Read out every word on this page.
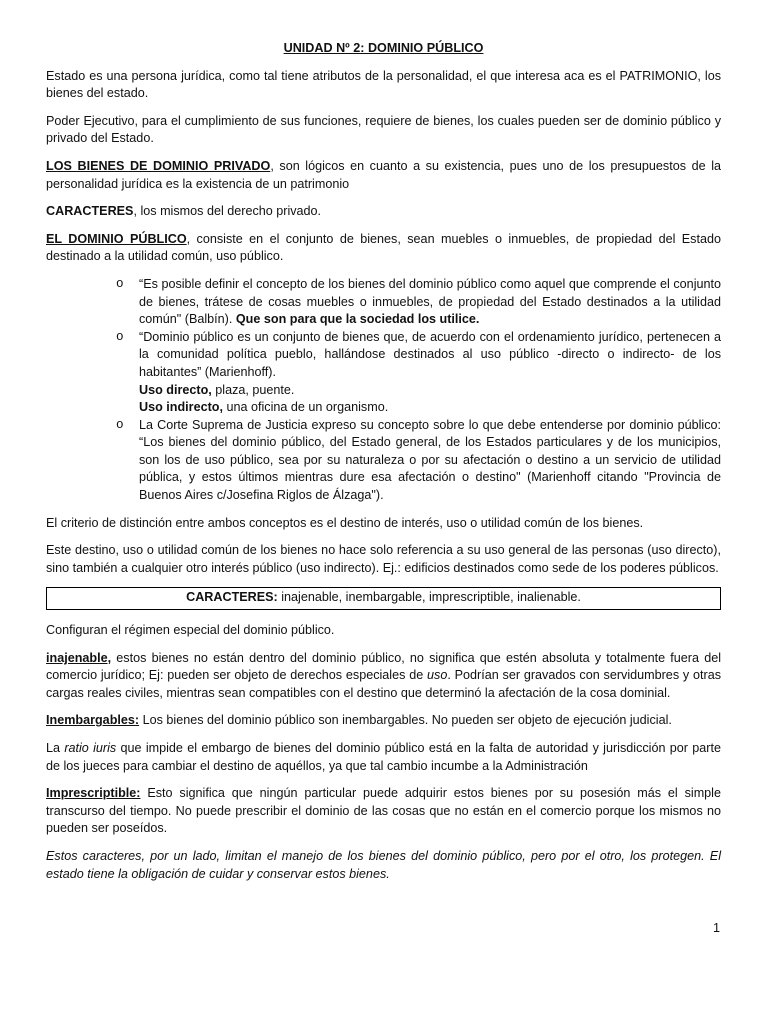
UNIDAD Nº 2: DOMINIO PÚBLICO

Estado es una persona jurídica, como tal tiene atributos de la personalidad, el que interesa aca es el PATRIMONIO, los bienes del estado.

Poder Ejecutivo, para el cumplimiento de sus funciones, requiere de bienes, los cuales pueden ser de dominio público y privado del Estado.

LOS BIENES DE DOMINIO PRIVADO, son lógicos en cuanto a su existencia, pues uno de los presupuestos de la personalidad jurídica es la existencia de un patrimonio

CARACTERES, los mismos del derecho privado.

EL DOMINIO PÚBLICO, consiste en el conjunto de bienes, sean muebles o inmuebles, de propiedad del Estado destinado a la utilidad común, uso público.

o “Es posible definir el concepto de los bienes del dominio público como aquel que comprende el conjunto de bienes, trátese de cosas muebles o inmuebles, de propiedad del Estado destinados a la utilidad común" (Balbín). Que son para que la sociedad los utilice.
o “Dominio público es un conjunto de bienes que, de acuerdo con el ordenamiento jurídico, pertenecen a la comunidad política pueblo, hallándose destinados al uso público -directo o indirecto- de los habitantes” (Marienhoff).
Uso directo, plaza, puente.
Uso indirecto, una oficina de un organismo.
o La Corte Suprema de Justicia expreso su concepto sobre lo que debe entenderse por dominio público: “Los bienes del dominio público, del Estado general, de los Estados particulares y de los municipios, son los de uso público, sea por su naturaleza o por su afectación o destino a un servicio de utilidad pública, y estos últimos mientras dure esa afectación o destino" (Marienhoff citando "Provincia de Buenos Aires c/Josefina Riglos de Álzaga").

El criterio de distinción entre ambos conceptos es el destino de interés, uso o utilidad común de los bienes.

Este destino, uso o utilidad común de los bienes no hace solo referencia a su uso general de las personas (uso directo), sino también a cualquier otro interés público (uso indirecto). Ej.: edificios destinados como sede de los poderes públicos.

CARACTERES: inajenable, inembargable, imprescriptible, inalienable.

Configuran el régimen especial del dominio público.

inajenable, estos bienes no están dentro del dominio público, no significa que estén absoluta y totalmente fuera del comercio jurídico; Ej: pueden ser objeto de derechos especiales de uso. Podrían ser gravados con servidumbres y otras cargas reales civiles, mientras sean compatibles con el destino que determinó la afectación de la cosa dominial.

Inembargables: Los bienes del dominio público son inembargables. No pueden ser objeto de ejecución judicial.

La ratio iuris que impide el embargo de bienes del dominio público está en la falta de autoridad y jurisdicción por parte de los jueces para cambiar el destino de aquéllos, ya que tal cambio incumbe a la Administración

Imprescriptible: Esto significa que ningún particular puede adquirir estos bienes por su posesión más el simple transcurso del tiempo. No puede prescribir el dominio de las cosas que no están en el comercio porque los mismos no pueden ser poseídos.

Estos caracteres, por un lado, limitan el manejo de los bienes del dominio público, pero por el otro, los protegen. El estado tiene la obligación de cuidar y conservar estos bienes.

1
